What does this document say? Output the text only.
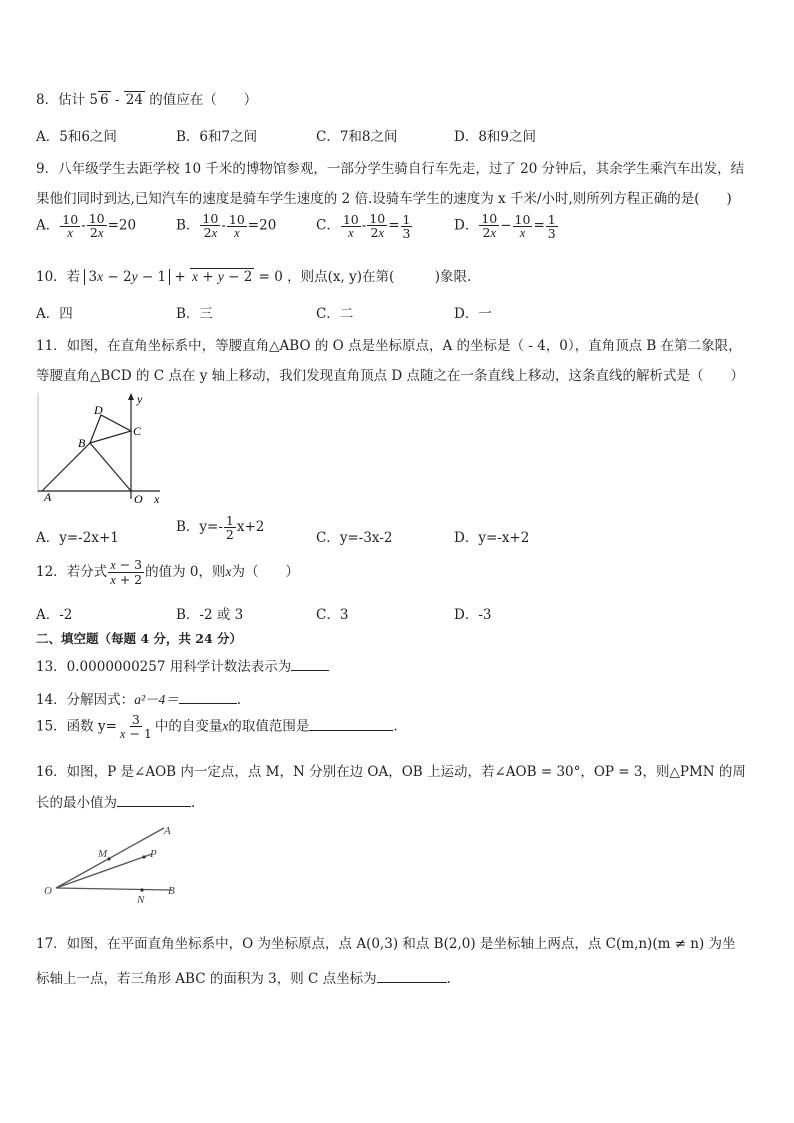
8．估计 5 6 - 24 的值应在（　　）
A．5和6之间	B．6和7之间	C．7和8之间	D．8和9之间
9．八年级学生去距学校 10 千米的博物馆参观，一部分学生骑自行车先走，过了 20 分钟后，其余学生乘汽车出发，结
果他们同时到达,已知汽车的速度是骑车学生速度的 2 倍.设骑车学生的速度为 x 千米/小时,则所列方程正确的是(　　)
A． $\frac{10}{x} - \frac{10}{2x} =20$	B． $\frac{10}{2x} - \frac{10}{x} =20$	C． $\frac{10}{x} - \frac{10}{2x} = \frac{1}{3}$	D． $\frac{10}{2x} - \frac{10}{x} = \frac{1}{3}$
10．若 3x − 2y − 1 + x + y − 2 = 0 ，则点(x, y)在第(　　　)象限.
A．四	B．三	C．二	D．一
11．如图，在直角坐标系中，等腰直角△ABO 的 O 点是坐标原点，A 的坐标是（ - 4，0），直角顶点 B 在第二象限，
等腰直角△BCD 的 C 点在 y 轴上移动，我们发现直角顶点 D 点随之在一条直线上移动，这条直线的解析式是（　　）
A
B
C
D
O x
y
A．y=-2x+1
B．$y=- \frac{1}{2} x+2$
C．y=-3x-2	D．y=-x+2
12．若分式 $\frac{x - 3}{x + 2}$ 的值为 0，则x为（　　）
A．-2	B．-2 或 3	C．3	D．-3
二、填空题（每题 4 分，共 24 分）
13．0.0000000257 用科学计数法表示为
14．分解因式：a²－4＝	.
15．函数 $y= \frac{3}{x - 1}$ 中的自变量x的取值范围是	.
16．如图，P 是∠AOB 内一定点，点 M，N 分别在边 OA，OB 上运动，若∠AOB = 30°，OP = 3，则△PMN 的周
长的最小值为	.
A
M	P
O
N
B
17．如图，在平面直角坐标系中，O 为坐标原点，点 A(0,3) 和点 B(2,0) 是坐标轴上两点，点 C(m,n)(m ≠ n) 为坐
标轴上一点，若三角形 ABC 的面积为 3，则 C 点坐标为	.
